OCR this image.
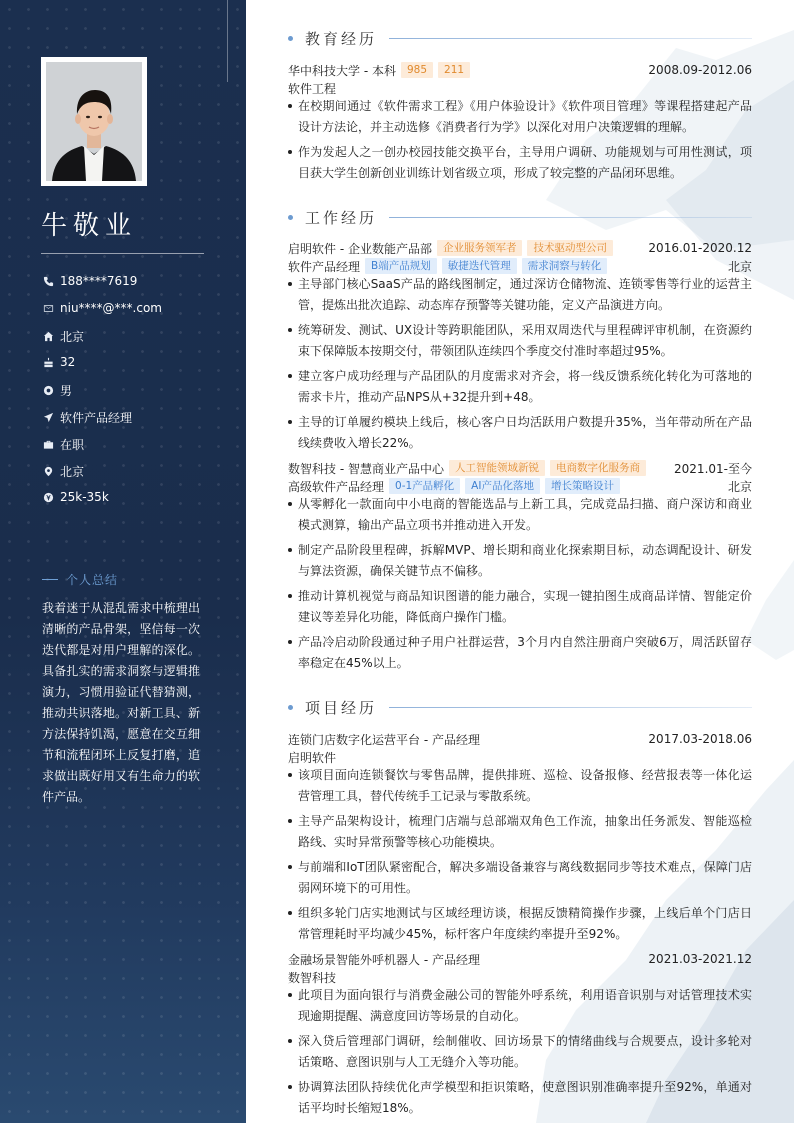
牛敬业
188****7619
niu****@***.com
北京
32
男
软件产品经理
在职
北京
25k-35k
个人总结
我着迷于从混乱需求中梳理出清晰的产品骨架，坚信每一次迭代都是对用户理解的深化。具备扎实的需求洞察与逻辑推演力，习惯用验证代替猜测，推动共识落地。对新工具、新方法保持饥渴，愿意在交互细节和流程闭环上反复打磨，追求做出既好用又有生命力的软件产品。
教育经历
华中科技大学 - 本科	985	211	2008.09-2012.06
软件工程
在校期间通过《软件需求工程》《用户体验设计》《软件项目管理》等课程搭建起产品设计方法论，并主动选修《消费者行为学》以深化对用户决策逻辑的理解。
作为发起人之一创办校园技能交换平台，主导用户调研、功能规划与可用性测试，项目获大学生创新创业训练计划省级立项，形成了较完整的产品闭环思维。
工作经历
启明软件 - 企业数能产品部	企业服务领军者	技术驱动型公司	2016.01-2020.12
软件产品经理	B端产品规划	敏捷迭代管理	需求洞察与转化	北京
主导部门核心SaaS产品的路线图制定，通过深访仓储物流、连锁零售等行业的运营主管，提炼出批次追踪、动态库存预警等关键功能，定义产品演进方向。
统筹研发、测试、UX设计等跨职能团队，采用双周迭代与里程碑评审机制，在资源约束下保障版本按期交付，带领团队连续四个季度交付准时率超过95%。
建立客户成功经理与产品团队的月度需求对齐会，将一线反馈系统化转化为可落地的需求卡片，推动产品NPS从+32提升到+48。
主导的订单履约模块上线后，核心客户日均活跃用户数提升35%，当年带动所在产品线续费收入增长22%。
数智科技 - 智慧商业产品中心	人工智能领域新锐	电商数字化服务商	2021.01-至今
高级软件产品经理	0-1产品孵化	AI产品化落地	增长策略设计	北京
从零孵化一款面向中小电商的智能选品与上新工具，完成竞品扫描、商户深访和商业模式测算，输出产品立项书并推动进入开发。
制定产品阶段里程碑，拆解MVP、增长期和商业化探索期目标，动态调配设计、研发与算法资源，确保关键节点不偏移。
推动计算机视觉与商品知识图谱的能力融合，实现一键拍图生成商品详情、智能定价建议等差异化功能，降低商户操作门槛。
产品冷启动阶段通过种子用户社群运营，3个月内自然注册商户突破6万，周活跃留存率稳定在45%以上。
项目经历
连锁门店数字化运营平台 - 产品经理	2017.03-2018.06
启明软件
该项目面向连锁餐饮与零售品牌，提供排班、巡检、设备报修、经营报表等一体化运营管理工具，替代传统手工记录与零散系统。
主导产品架构设计，梳理门店端与总部端双角色工作流，抽象出任务派发、智能巡检路线、实时异常预警等核心功能模块。
与前端和IoT团队紧密配合，解决多端设备兼容与离线数据同步等技术难点，保障门店弱网环境下的可用性。
组织多轮门店实地测试与区域经理访谈，根据反馈精简操作步骤，上线后单个门店日常管理耗时平均减少45%，标杆客户年度续约率提升至92%。
金融场景智能外呼机器人 - 产品经理	2021.03-2021.12
数智科技
此项目为面向银行与消费金融公司的智能外呼系统，利用语音识别与对话管理技术实现逾期提醒、满意度回访等场景的自动化。
深入贷后管理部门调研，绘制催收、回访场景下的情绪曲线与合规要点，设计多轮对话策略、意图识别与人工无缝介入等功能。
协调算法团队持续优化声学模型和拒识策略，使意图识别准确率提升至92%，单通对话平均时长缩短18%。
